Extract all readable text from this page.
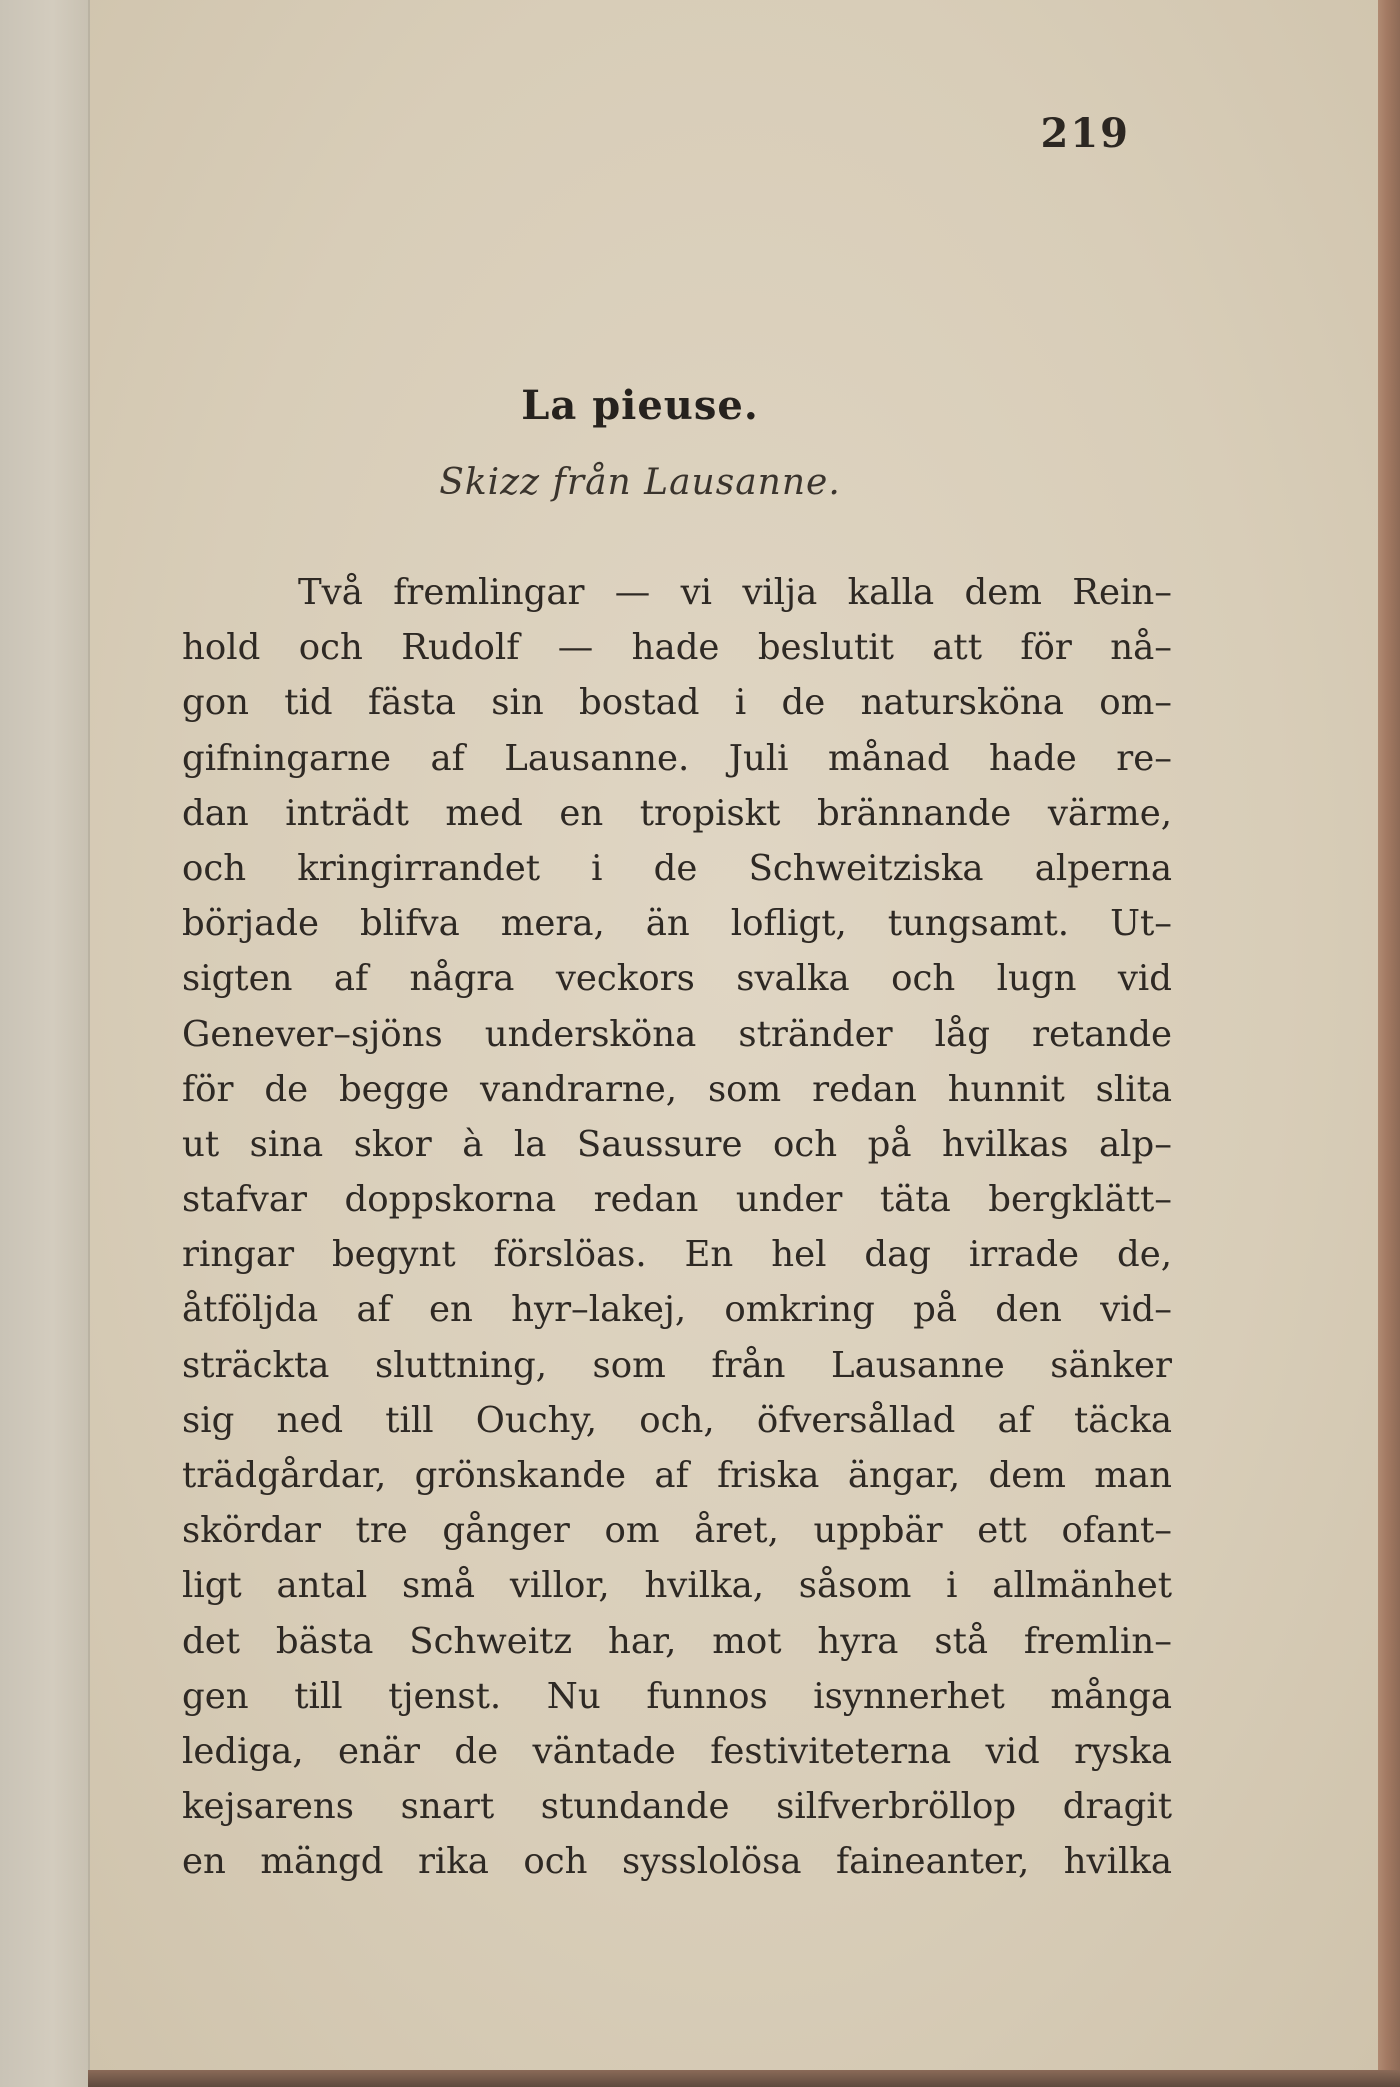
219
La pieuse.
Skizz från Lausanne.
Två fremlingar — vi vilja kalla dem Rein–
hold och Rudolf — hade beslutit att för nå–
gon tid fästa sin bostad i de natursköna om–
gifningarne af Lausanne. Juli månad hade re–
dan inträdt med en tropiskt brännande värme,
och kringirrandet i de Schweitziska alperna
började blifva mera, än lofligt, tungsamt. Ut–
sigten af några veckors svalka och lugn vid
Genever–sjöns undersköna stränder låg retande
för de begge vandrarne, som redan hunnit slita
ut sina skor à la Saussure och på hvilkas alp–
stafvar doppskorna redan under täta bergklätt–
ringar begynt förslöas. En hel dag irrade de,
åtföljda af en hyr–lakej, omkring på den vid–
sträckta sluttning, som från Lausanne sänker
sig ned till Ouchy, och, öfversållad af täcka
trädgårdar, grönskande af friska ängar, dem man
skördar tre gånger om året, uppbär ett ofant–
ligt antal små villor, hvilka, såsom i allmänhet
det bästa Schweitz har, mot hyra stå fremlin–
gen till tjenst. Nu funnos isynnerhet många
lediga, enär de väntade festiviteterna vid ryska
kejsarens snart stundande silfverbröllop dragit
en mängd rika och sysslolösa faineanter, hvilka
